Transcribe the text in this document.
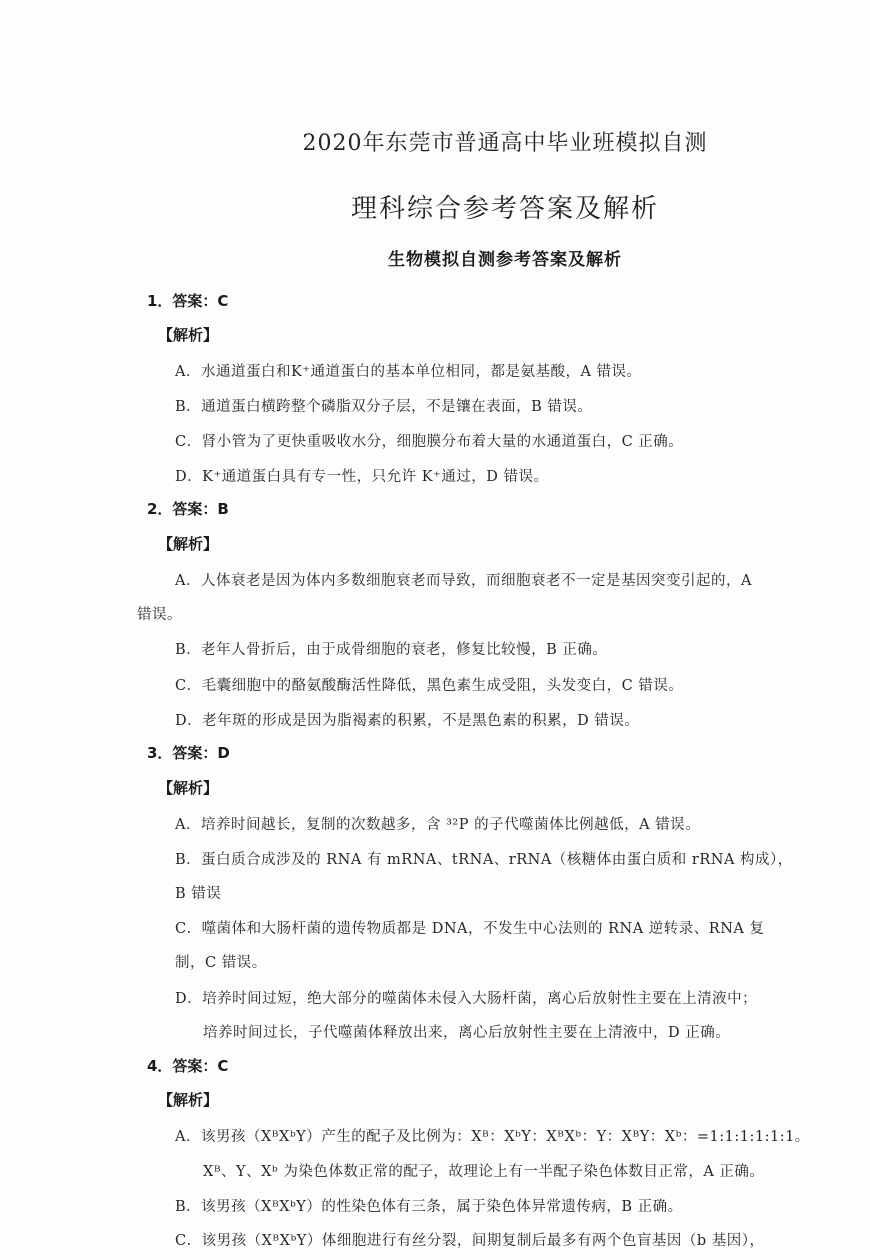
2020年东莞市普通高中毕业班模拟自测
理科综合参考答案及解析
生物模拟自测参考答案及解析
1．答案：C
【解析】
A．水通道蛋白和K⁺通道蛋白的基本单位相同，都是氨基酸，A 错误。
B．通道蛋白横跨整个磷脂双分子层，不是镶在表面，B 错误。
C．肾小管为了更快重吸收水分，细胞膜分布着大量的水通道蛋白，C 正确。
D．K⁺通道蛋白具有专一性，只允许 K⁺通过，D 错误。
2．答案：B
【解析】
A．人体衰老是因为体内多数细胞衰老而导致，而细胞衰老不一定是基因突变引起的，A
错误。
B．老年人骨折后，由于成骨细胞的衰老，修复比较慢，B 正确。
C．毛囊细胞中的酪氨酸酶活性降低，黑色素生成受阻，头发变白，C 错误。
D．老年斑的形成是因为脂褐素的积累，不是黑色素的积累，D 错误。
3．答案：D
【解析】
A．培养时间越长，复制的次数越多，含 ³²P 的子代噬菌体比例越低，A 错误。
B．蛋白质合成涉及的 RNA 有 mRNA、tRNA、rRNA（核糖体由蛋白质和 rRNA 构成），
B 错误
C．噬菌体和大肠杆菌的遗传物质都是 DNA，不发生中心法则的 RNA 逆转录、RNA 复
制，C 错误。
D．培养时间过短，绝大部分的噬菌体未侵入大肠杆菌，离心后放射性主要在上清液中；
培养时间过长，子代噬菌体释放出来，离心后放射性主要在上清液中，D 正确。
4．答案：C
【解析】
A．该男孩（XᴮXᵇY）产生的配子及比例为：Xᴮ：XᵇY：XᴮXᵇ：Y：XᴮY：Xᵇ：=1:1:1:1:1:1。
Xᴮ、Y、Xᵇ 为染色体数正常的配子，故理论上有一半配子染色体数目正常，A 正确。
B．该男孩（XᴮXᵇY）的性染色体有三条，属于染色体异常遗传病，B 正确。
C．该男孩（XᴮXᵇY）体细胞进行有丝分裂，间期复制后最多有两个色盲基因（b 基因），
